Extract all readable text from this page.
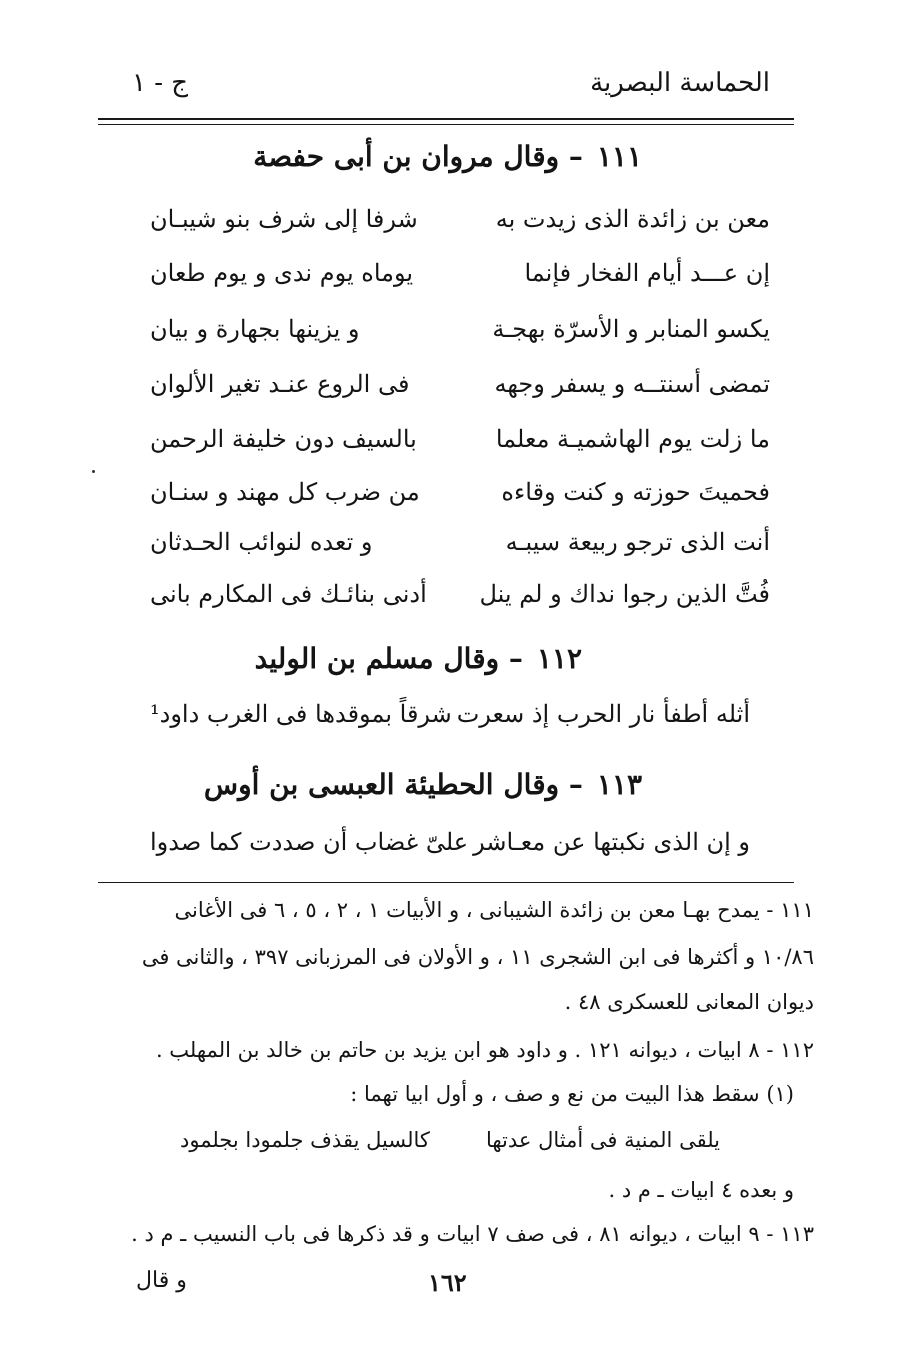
الحماسة البصرية
ج - ١
١١١– وقال مروان بن أبى حفصة
معن بن زائدة الذى زيدت به
شرفا إلى شرف بنو شيبـان
إن عـــد أيام الفخار فإنما
يوماه يوم ندى و يوم طعان
يكسو المنابر و الأسرّة بهجـة
و يزينها بجهارة و بيان
تمضى أسنتــه و يسفر وجهه
فى الروع عنـد تغير الألوان
ما زلت يوم الهاشميـة معلما
بالسيف دون خليفة الرحمن
فحميتَ حوزته و كنت وقاءه
من ضرب كل مهند و سنـان
أنت الذى ترجو ربيعة سيبـه
و تعده لنوائب الحـدثان
فُتَّ الذين رجوا نداك و لم ينل
أدنى بنائـك فى المكارم بانى
١١٢– وقال مسلم بن الوليد
أثله أطفأ نار الحرب إذ سعرت
شرقاً بموقدها فى الغرب داود¹
١١٣– وقال الحطيئة العبسى بن أوس
و إن الذى نكبتها عن معـاشر
علىّ غضاب أن صددت كما صدوا
١١١ - يمدح بهـا معن بن زائدة الشيبانى ، و الأبيات ١ ، ٢ ، ٥ ، ٦ فى الأغانى
١٠/٨٦ و أكثرها فى ابن الشجرى ١١ ، و الأولان فى المرزبانى ٣٩٧ ، والثانى فى
ديوان المعانى للعسكرى ٤٨ .
١١٢ - ٨ ابيات ، ديوانه ١٢١ . و داود هو ابن يزيد بن حاتم بن خالد بن المهلب .
(١) سقط هذا البيت من نع و صف ، و أول ابيا تهما :
يلقى المنية فى أمثال عدتها
كالسيل يقذف جلمودا بجلمود
و بعده ٤ ابيات ـ م د .
١١٣ - ٩ ابيات ، ديوانه ٨١ ، فى صف ٧ ابيات و قد ذكرها فى باب النسيب ـ م د .
١٦٢
و قال
